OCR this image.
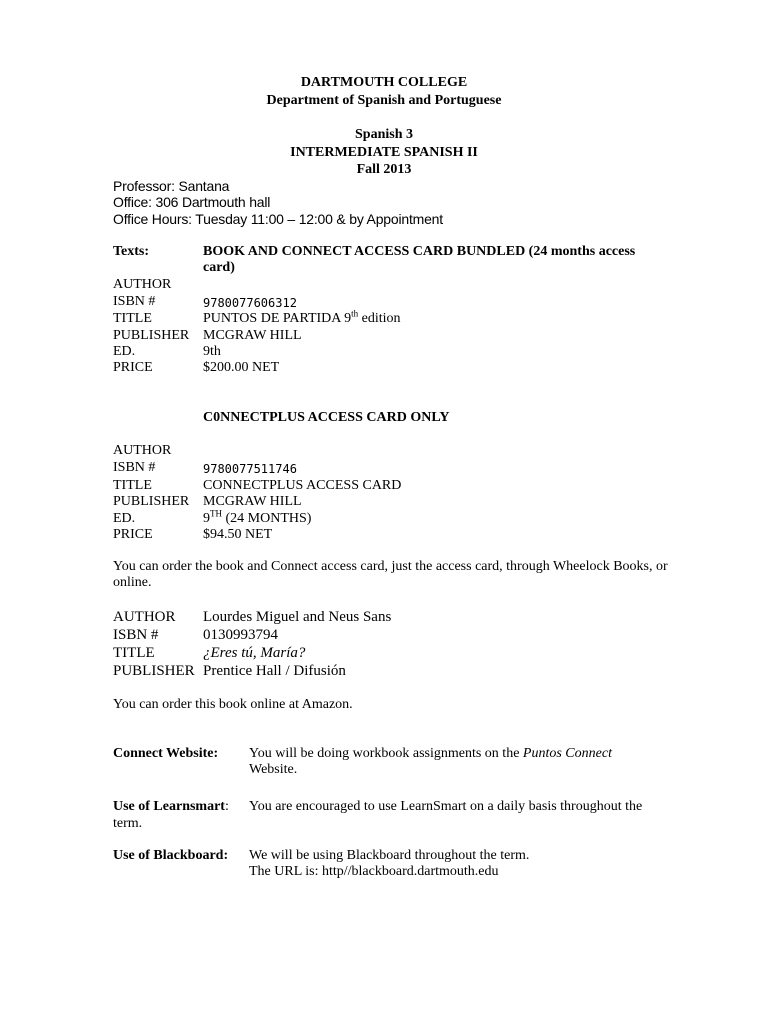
DARTMOUTH COLLEGE
Department of Spanish and Portuguese
Spanish 3
INTERMEDIATE SPANISH II
Fall 2013
Professor: Santana
Office: 306 Dartmouth hall
Office Hours: Tuesday 11:00 – 12:00 & by Appointment
Texts:	BOOK AND CONNECT ACCESS CARD BUNDLED (24 months access card)
AUTHOR
ISBN #	9780077606312
TITLE	PUNTOS DE PARTIDA 9th edition
PUBLISHER MCGRAW HILL
ED.	9th
PRICE	$200.00 NET
C0NNECTPLUS ACCESS CARD ONLY
AUTHOR
ISBN #	9780077511746
TITLE	CONNECTPLUS ACCESS CARD
PUBLISHER MCGRAW HILL
ED.	9TH (24 MONTHS)
PRICE	$94.50 NET
You can order the book and Connect access card, just the access card, through Wheelock Books, or online.
AUTHOR Lourdes Miguel and Neus Sans
ISBN #	0130993794
TITLE	¿Eres tú, María?
PUBLISHER Prentice Hall / Difusión
You can order this book online at Amazon.
Connect Website: You will be doing workbook assignments on the Puntos Connect
Website.
Use of Learnsmart: You are encouraged to use LearnSmart on a daily basis throughout the
term.
Use of Blackboard: We will be using Blackboard throughout the term.
The URL is: http//blackboard.dartmouth.edu
